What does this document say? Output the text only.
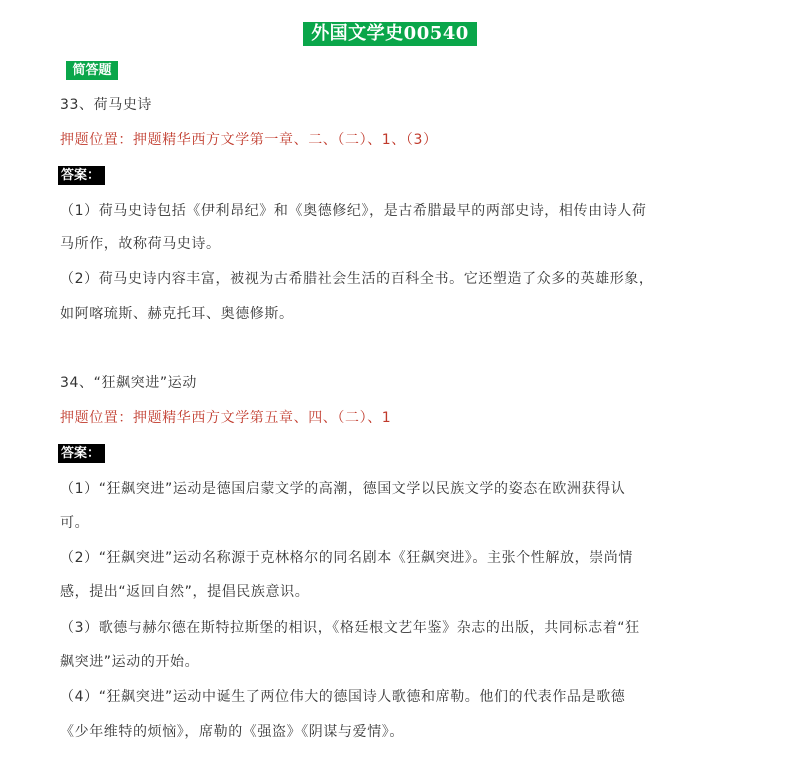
外国文学史00540
简答题
33、荷马史诗
押题位置：押题精华西方文学第一章、二、（二）、1、（3）
答案：
（1）荷马史诗包括《伊利昂纪》和《奥德修纪》，是古希腊最早的两部史诗，相传由诗人荷
马所作，故称荷马史诗。
（2）荷马史诗内容丰富，被视为古希腊社会生活的百科全书。它还塑造了众多的英雄形象，
如阿喀琉斯、赫克托耳、奥德修斯。
34、“狂飙突进”运动
押题位置：押题精华西方文学第五章、四、（二）、1
答案：
（1）“狂飙突进”运动是德国启蒙文学的高潮，德国文学以民族文学的姿态在欧洲获得认
可。
（2）“狂飙突进”运动名称源于克林格尔的同名剧本《狂飙突进》。主张个性解放，崇尚情
感，提出“返回自然”，提倡民族意识。
（3）歌德与赫尔德在斯特拉斯堡的相识，《格廷根文艺年鉴》杂志的出版，共同标志着“狂
飙突进”运动的开始。
（4）“狂飙突进”运动中诞生了两位伟大的德国诗人歌德和席勒。他们的代表作品是歌德
《少年维特的烦恼》，席勒的《强盗》《阴谋与爱情》。
